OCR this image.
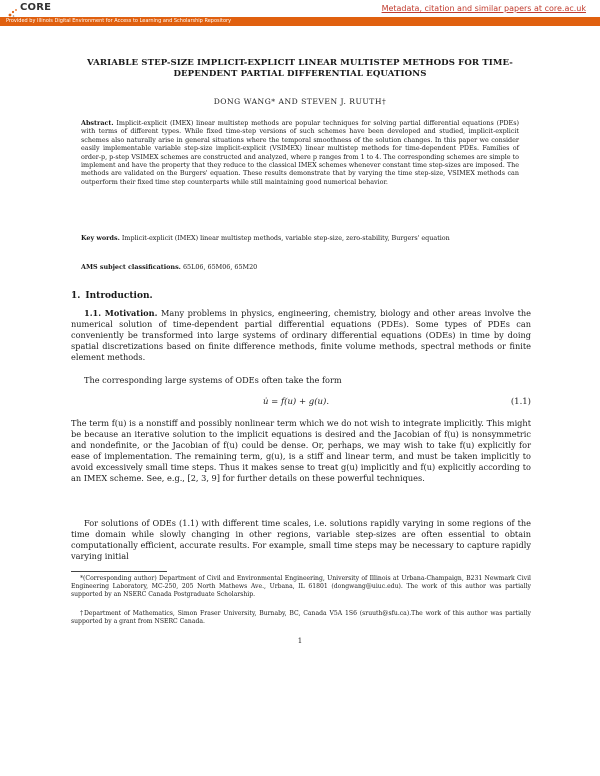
CORE	Metadata, citation and similar papers at core.ac.uk
Provided by Illinois Digital Environment for Access to Learning and Scholarship Repository
VARIABLE STEP-SIZE IMPLICIT-EXPLICIT LINEAR MULTISTEP METHODS FOR TIME-DEPENDENT PARTIAL DIFFERENTIAL EQUATIONS
DONG WANG* AND STEVEN J. RUUTH†
Abstract. Implicit-explicit (IMEX) linear multistep methods are popular techniques for solving partial differential equations (PDEs) with terms of different types. While fixed time-step versions of such schemes have been developed and studied, implicit-explicit schemes also naturally arise in general situations where the temporal smoothness of the solution changes. In this paper we consider easily implementable variable step-size implicit-explicit (VSIMEX) linear multistep methods for time-dependent PDEs. Families of order-p, p-step VSIMEX schemes are constructed and analyzed, where p ranges from 1 to 4. The corresponding schemes are simple to implement and have the property that they reduce to the classical IMEX schemes whenever constant time step-sizes are imposed. The methods are validated on the Burgers' equation. These results demonstrate that by varying the time step-size, VSIMEX methods can outperform their fixed time step counterparts while still maintaining good numerical behavior.
Key words. Implicit-explicit (IMEX) linear multistep methods, variable step-size, zero-stability, Burgers' equation
AMS subject classifications. 65L06, 65M06, 65M20
1. Introduction.
1.1. Motivation. Many problems in physics, engineering, chemistry, biology and other areas involve the numerical solution of time-dependent partial differential equations (PDEs). Some types of PDEs can conveniently be transformed into large systems of ordinary differential equations (ODEs) in time by doing spatial discretizations based on finite difference methods, finite volume methods, spectral methods or finite element methods.
The corresponding large systems of ODEs often take the form
u̇ = f(u) + g(u).	(1.1)
The term f(u) is a nonstiff and possibly nonlinear term which we do not wish to integrate implicitly. This might be because an iterative solution to the implicit equations is desired and the Jacobian of f(u) is nonsymmetric and nondefinite, or the Jacobian of f(u) could be dense. Or, perhaps, we may wish to take f(u) explicitly for ease of implementation. The remaining term, g(u), is a stiff and linear term, and must be taken implicitly to avoid excessively small time steps. Thus it makes sense to treat g(u) implicitly and f(u) explicitly according to an IMEX scheme. See, e.g., [2, 3, 9] for further details on these powerful techniques.
For solutions of ODEs (1.1) with different time scales, i.e. solutions rapidly varying in some regions of the time domain while slowly changing in other regions, variable step-sizes are often essential to obtain computationally efficient, accurate results. For example, small time steps may be necessary to capture rapidly varying initial
*(Corresponding author) Department of Civil and Environmental Engineering, University of Illinois at Urbana-Champaign, B231 Newmark Civil Engineering Laboratory, MC-250, 205 North Mathews Ave., Urbana, IL 61801 (dongwang@uiuc.edu). The work of this author was partially supported by an NSERC Canada Postgraduate Scholarship.
†Department of Mathematics, Simon Fraser University, Burnaby, BC, Canada V5A 1S6 (sruuth@sfu.ca).The work of this author was partially supported by a grant from NSERC Canada.
1
